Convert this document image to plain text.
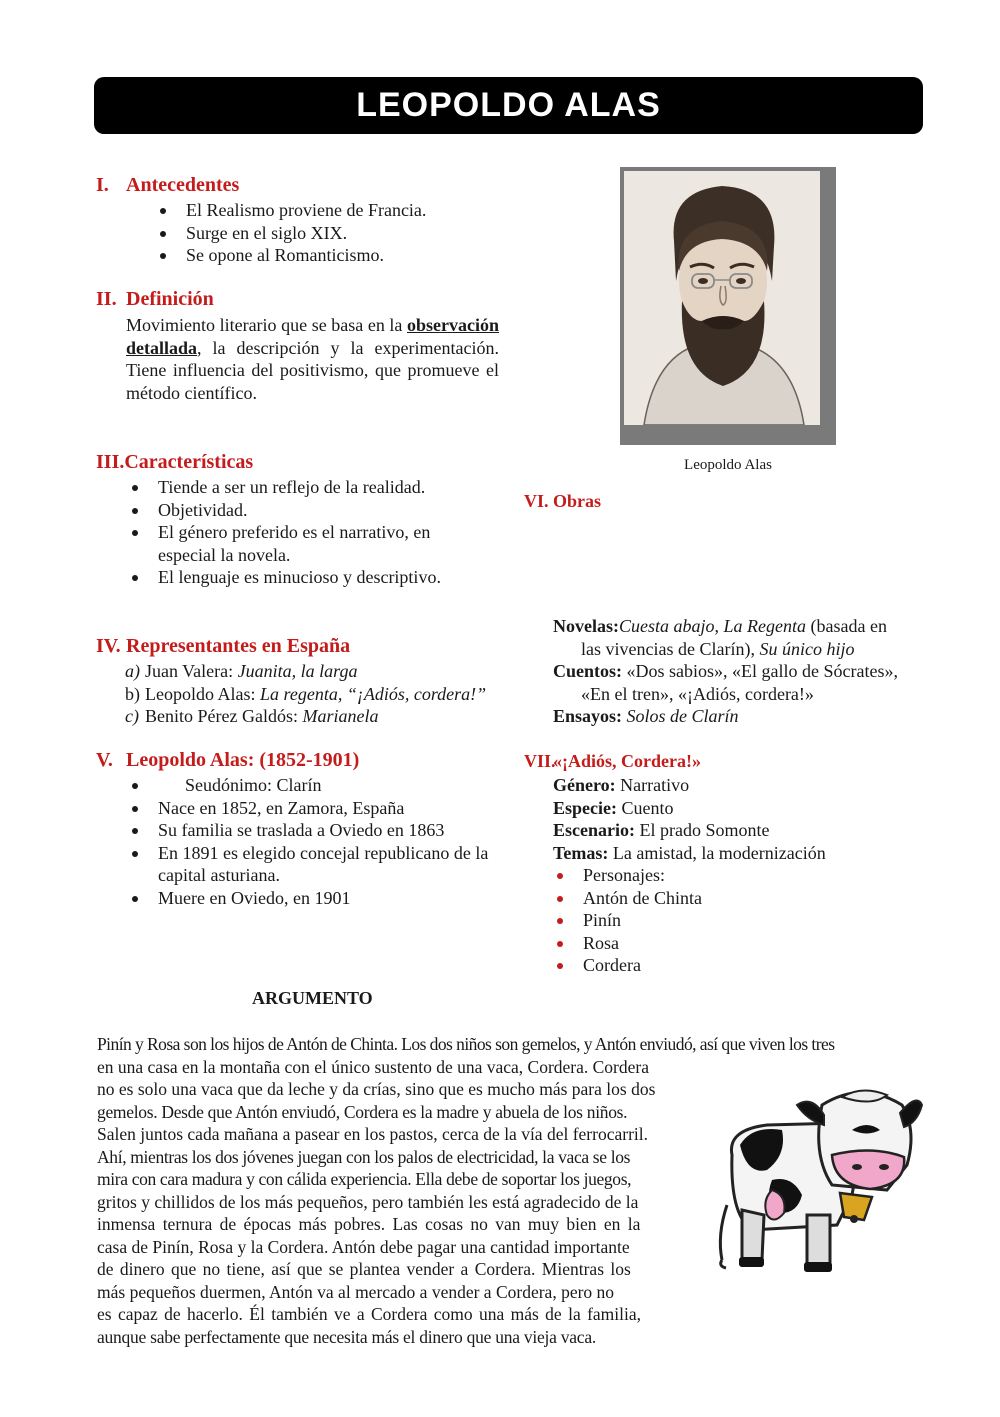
LEOPOLDO ALAS
I. Antecedentes
El Realismo proviene de Francia.
Surge en el siglo XIX.
Se opone al Romanticismo.
II. Definición
Movimiento literario que se basa en la observación detallada, la descripción y la experimentación. Tiene influencia del positivismo, que promueve el método científico.
III.Características
Tiende a ser un reflejo de la realidad.
Objetividad.
El género preferido es el narrativo, en especial la novela.
El lenguaje es minucioso y descriptivo.
Leopoldo Alas
VI. Obras
IV. Representantes en España
a) Juan Valera: Juanita, la larga
b) Leopoldo Alas: La regenta, “¡Adiós, cordera!”
c) Benito Pérez Galdós: Marianela
Novelas:Cuesta abajo, La Regenta (basada en
las vivencias de Clarín), Su único hijo
Cuentos: «Dos sabios», «El gallo de Sócrates»,
«En el tren», «¡Adiós, cordera!»
Ensayos: Solos de Clarín
V. Leopoldo Alas: (1852-1901)
Seudónimo: Clarín
Nace en 1852, en Zamora, España
Su familia se traslada a Oviedo en 1863
En 1891 es elegido concejal republicano de la capital asturiana.
Muere en Oviedo, en 1901
VII.«¡Adiós, Cordera!»
Género: Narrativo
Especie: Cuento
Escenario: El prado Somonte
Temas: La amistad, la modernización
Personajes:
Antón de Chinta
Pinín
Rosa
Cordera
ARGUMENTO
Pinín y Rosa son los hijos de Antón de Chinta. Los dos niños son gemelos, y Antón enviudó, así que viven los tres
en una casa en la montaña con el único sustento de una vaca, Cordera. Cordera
no es solo una vaca que da leche y da crías, sino que es mucho más para los dos
gemelos. Desde que Antón enviudó, Cordera es la madre y abuela de los niños.
Salen juntos cada mañana a pasear en los pastos, cerca de la vía del ferrocarril.
Ahí, mientras los dos jóvenes juegan con los palos de electricidad, la vaca se los
mira con cara madura y con cálida experiencia. Ella debe de soportar los juegos,
gritos y chillidos de los más pequeños, pero también les está agradecido de la
inmensa ternura de épocas más pobres. Las cosas no van muy bien en la
casa de Pinín, Rosa y la Cordera. Antón debe pagar una cantidad importante
de dinero que no tiene, así que se plantea vender a Cordera. Mientras los
más pequeños duermen, Antón va al mercado a vender a Cordera, pero no
es capaz de hacerlo. Él también ve a Cordera como una más de la familia,
aunque sabe perfectamente que necesita más el dinero que una vieja vaca.
